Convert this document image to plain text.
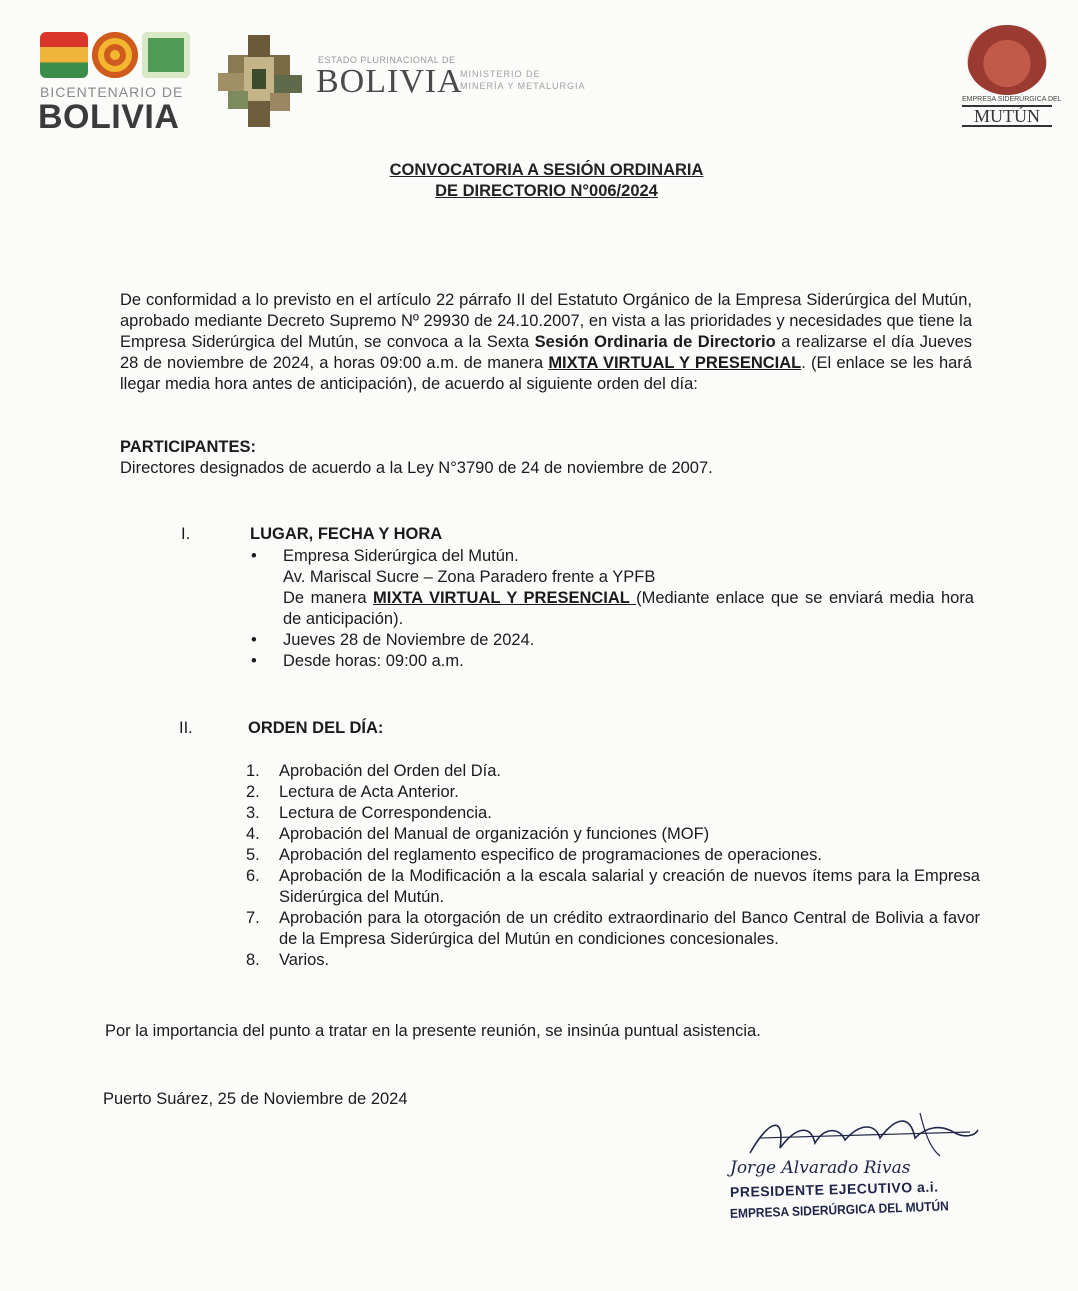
BICENTENARIO DE
BOLIVIA
ESTADO PLURINACIONAL DE
BOLIVIA
MINISTERIO DE
MINERÍA Y METALURGIA
EMPRESA SIDERÚRGICA DEL
MUTÚN
CONVOCATORIA A SESIÓN ORDINARIA
DE DIRECTORIO N°006/2024
De conformidad a lo previsto en el artículo 22 párrafo II del Estatuto Orgánico de la Empresa Siderúrgica del Mutún, aprobado mediante Decreto Supremo Nº 29930 de 24.10.2007, en vista a las prioridades y necesidades que tiene la Empresa Siderúrgica del Mutún, se convoca a la Sexta Sesión Ordinaria de Directorio a realizarse el día Jueves 28 de noviembre de 2024, a horas 09:00 a.m. de manera MIXTA VIRTUAL Y PRESENCIAL. (El enlace se les hará llegar media hora antes de anticipación), de acuerdo al siguiente orden del día:
PARTICIPANTES:
Directores designados de acuerdo a la Ley N°3790 de 24 de noviembre de 2007.
I.	LUGAR, FECHA Y HORA
• Empresa Siderúrgica del Mutún.
Av. Mariscal Sucre – Zona Paradero frente a YPFB
De manera MIXTA VIRTUAL Y PRESENCIAL (Mediante enlace que se enviará media hora de anticipación).
• Jueves 28 de Noviembre de 2024.
• Desde horas: 09:00 a.m.
II.	ORDEN DEL DÍA:
1. Aprobación del Orden del Día.
2. Lectura de Acta Anterior.
3. Lectura de Correspondencia.
4. Aprobación del Manual de organización y funciones (MOF)
5. Aprobación del reglamento especifico de programaciones de operaciones.
6. Aprobación de la Modificación a la escala salarial y creación de nuevos ítems para la Empresa Siderúrgica del Mutún.
7. Aprobación para la otorgación de un crédito extraordinario del Banco Central de Bolivia a favor de la Empresa Siderúrgica del Mutún en condiciones concesionales.
8. Varios.
Por la importancia del punto a tratar en la presente reunión, se insinúa puntual asistencia.
Puerto Suárez, 25 de Noviembre de 2024
Jorge Alvarado Rivas
PRESIDENTE EJECUTIVO a.i.
EMPRESA SIDERÚRGICA DEL MUTÚN
